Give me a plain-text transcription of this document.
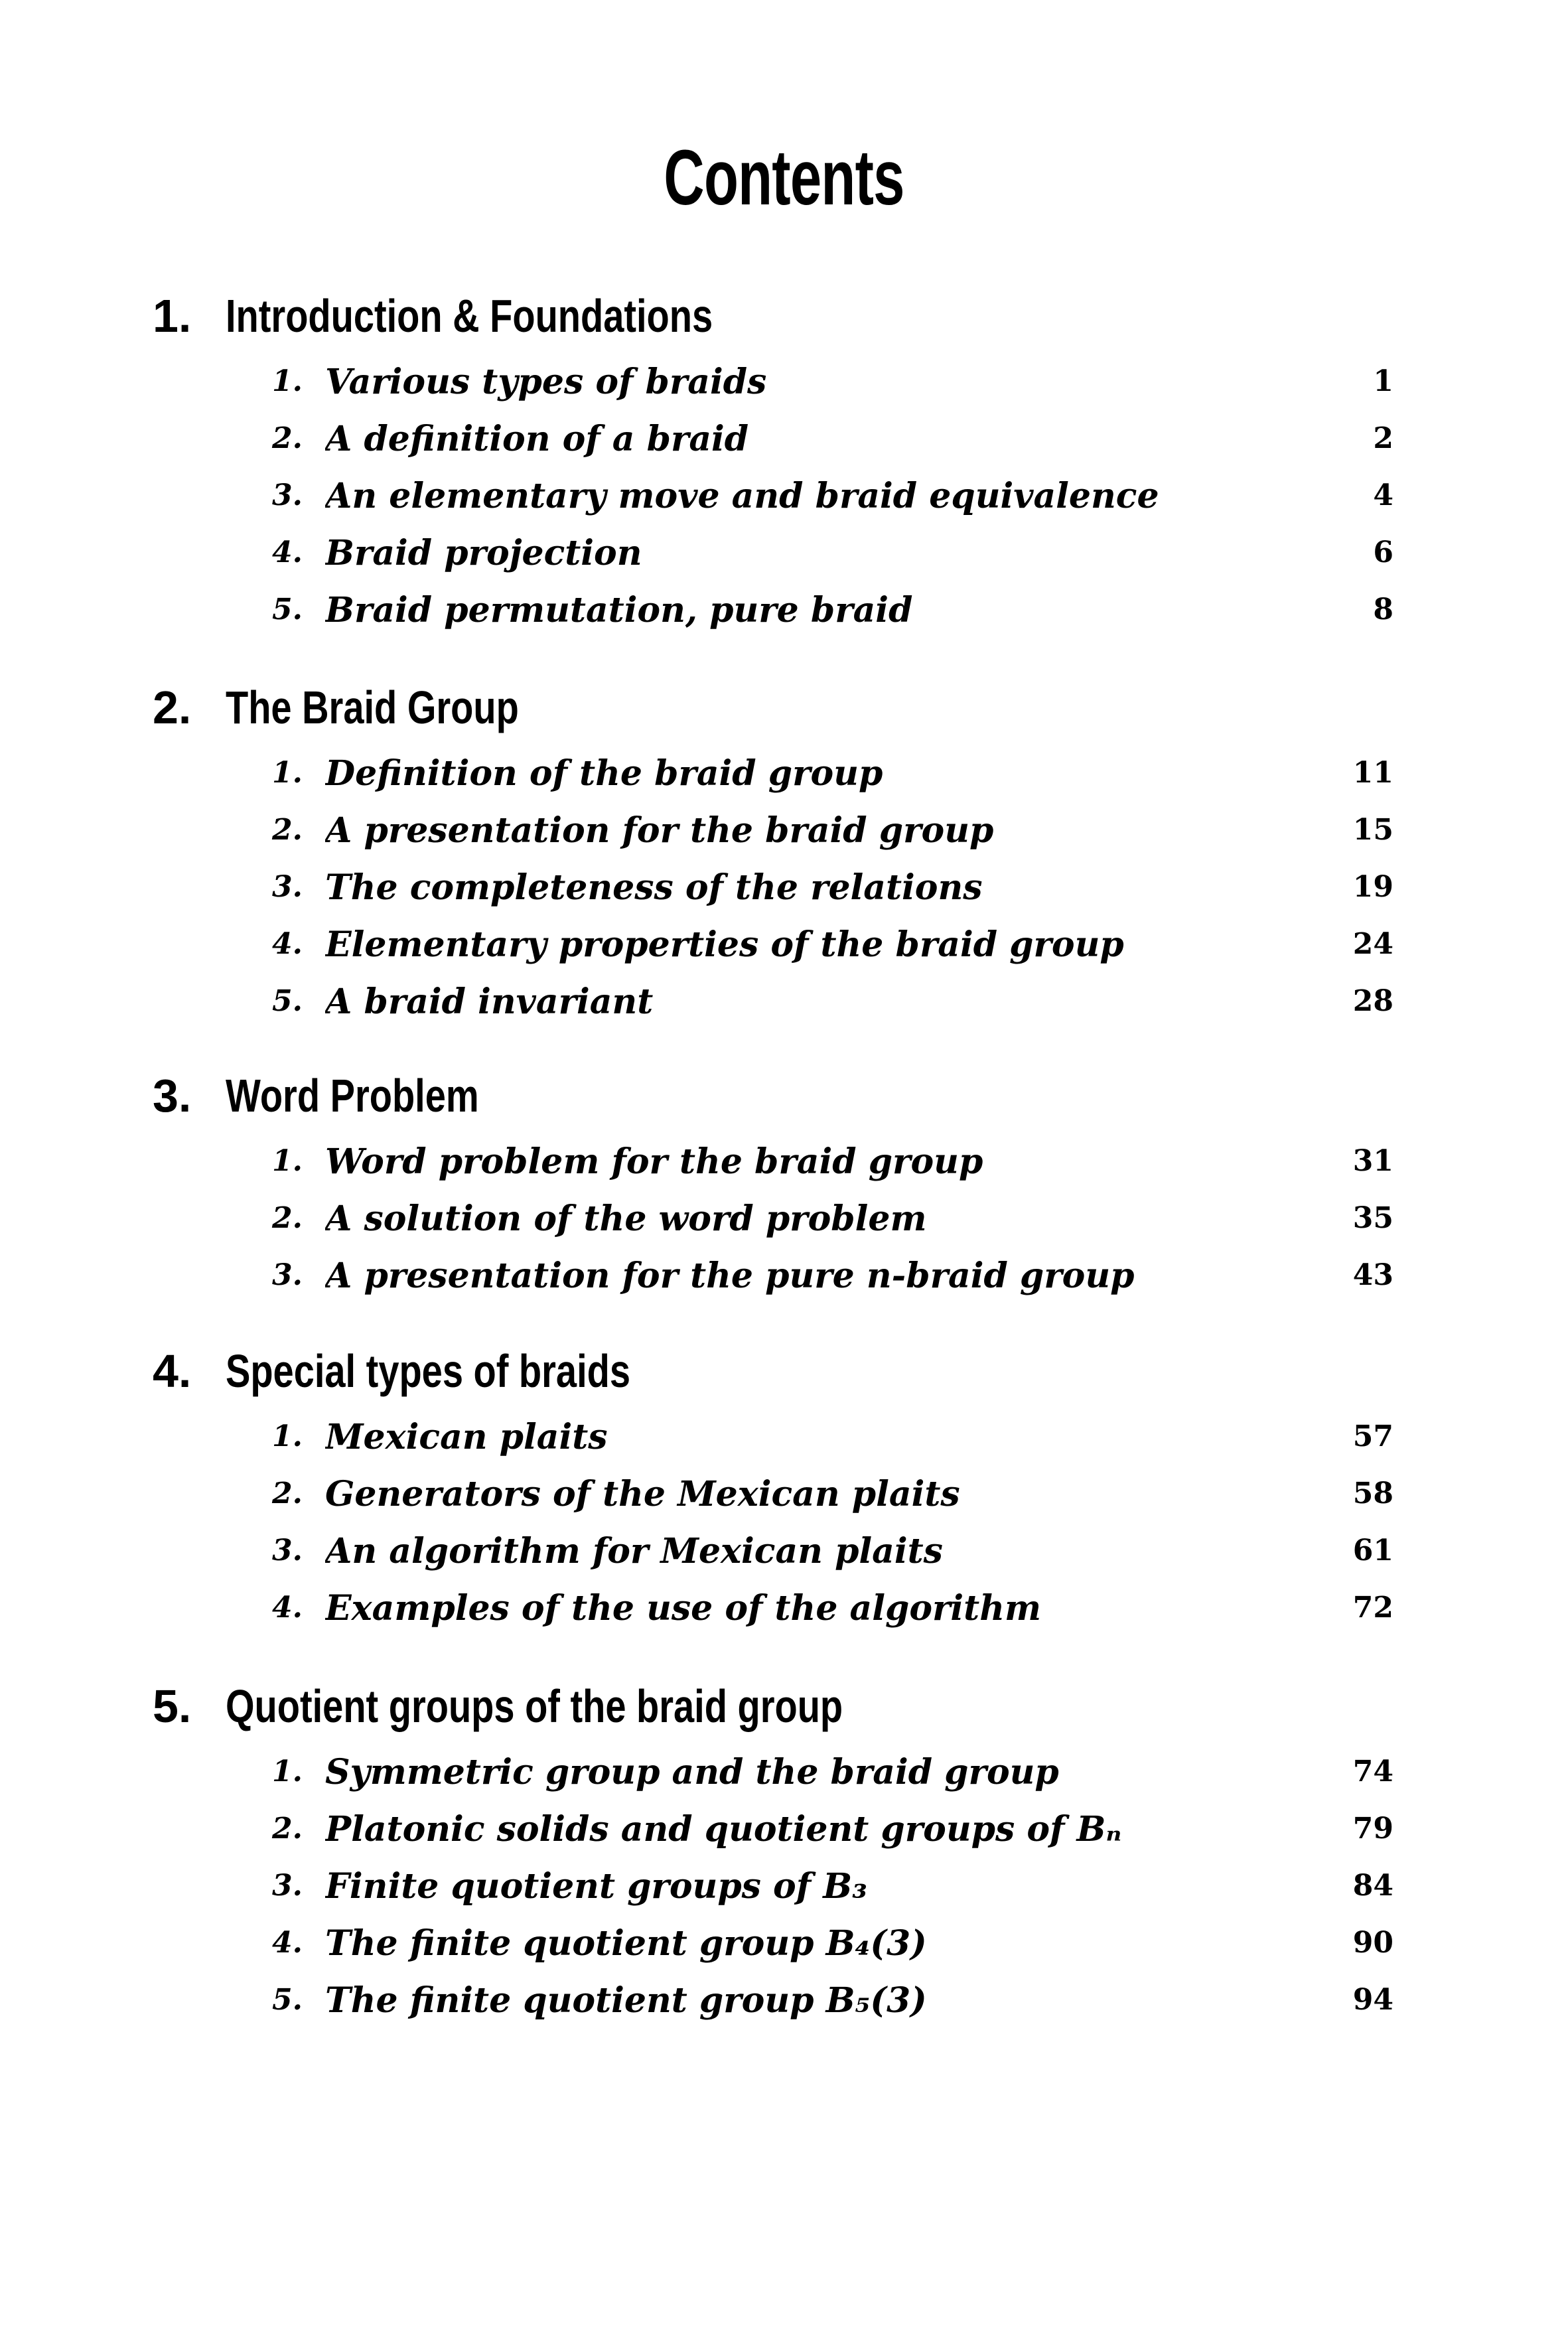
Contents
1. Introduction & Foundations
1. Various types of braids	1
2. A definition of a braid	2
3. An elementary move and braid equivalence	4
4. Braid projection	6
5. Braid permutation, pure braid	8
2. The Braid Group
1. Definition of the braid group	11
2. A presentation for the braid group	15
3. The completeness of the relations	19
4. Elementary properties of the braid group	24
5. A braid invariant	28
3. Word Problem
1. Word problem for the braid group	31
2. A solution of the word problem	35
3. A presentation for the pure n-braid group	43
4. Special types of braids
1. Mexican plaits	57
2. Generators of the Mexican plaits	58
3. An algorithm for Mexican plaits	61
4. Examples of the use of the algorithm	72
5. Quotient groups of the braid group
1. Symmetric group and the braid group	74
2. Platonic solids and quotient groups of Bₙ	79
3. Finite quotient groups of B₃	84
4. The finite quotient group B₄(3)	90
5. The finite quotient group B₅(3)	94
